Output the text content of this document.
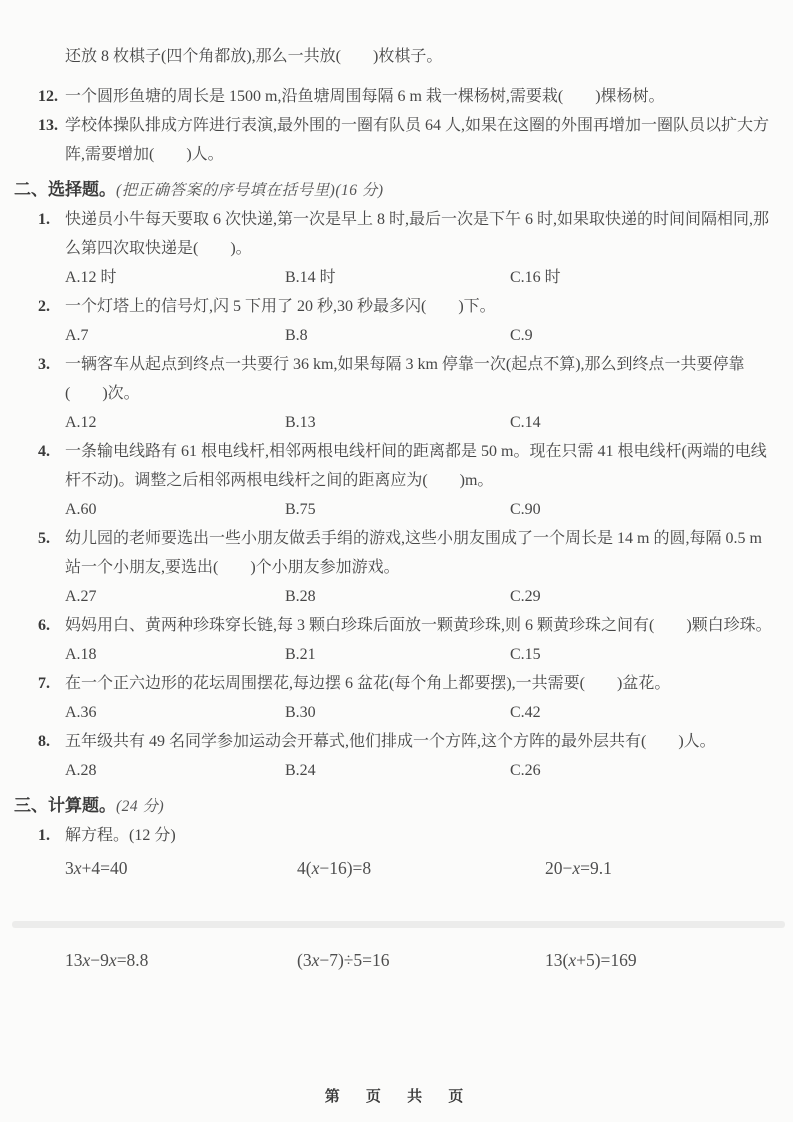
还放 8 枚棋子(四个角都放),那么一共放(　　)枚棋子。
12. 一个圆形鱼塘的周长是 1500 m,沿鱼塘周围每隔 6 m 栽一棵杨树,需要栽(　　)棵杨树。
13. 学校体操队排成方阵进行表演,最外围的一圈有队员 64 人,如果在这圈的外围再增加一圈队员以扩大方阵,需要增加(　　)人。
二、选择题。(把正确答案的序号填在括号里)(16 分)
1. 快递员小牛每天要取 6 次快递,第一次是早上 8 时,最后一次是下午 6 时,如果取快递的时间间隔相同,那么第四次取快递是(　　)。
A.12 时	B.14 时	C.16 时
2. 一个灯塔上的信号灯,闪 5 下用了 20 秒,30 秒最多闪(　　)下。
A.7	B.8	C.9
3. 一辆客车从起点到终点一共要行 36 km,如果每隔 3 km 停靠一次(起点不算),那么到终点一共要停靠(　　)次。
A.12	B.13	C.14
4. 一条输电线路有 61 根电线杆,相邻两根电线杆间的距离都是 50 m。现在只需 41 根电线杆(两端的电线杆不动)。调整之后相邻两根电线杆之间的距离应为(　　)m。
A.60	B.75	C.90
5. 幼儿园的老师要选出一些小朋友做丢手绢的游戏,这些小朋友围成了一个周长是 14 m 的圆,每隔 0.5 m 站一个小朋友,要选出(　　)个小朋友参加游戏。
A.27	B.28	C.29
6. 妈妈用白、黄两种珍珠穿长链,每 3 颗白珍珠后面放一颗黄珍珠,则 6 颗黄珍珠之间有(　　)颗白珍珠。
A.18	B.21	C.15
7. 在一个正六边形的花坛周围摆花,每边摆 6 盆花(每个角上都要摆),一共需要(　　)盆花。
A.36	B.30	C.42
8. 五年级共有 49 名同学参加运动会开幕式,他们排成一个方阵,这个方阵的最外层共有(　　)人。
A.28	B.24	C.26
三、计算题。(24 分)
1. 解方程。(12 分)
3x+4=40	4(x−16)=8	20−x=9.1
13x−9x=8.8	(3x−7)÷5=16	13(x+5)=169
第 页 共 页
